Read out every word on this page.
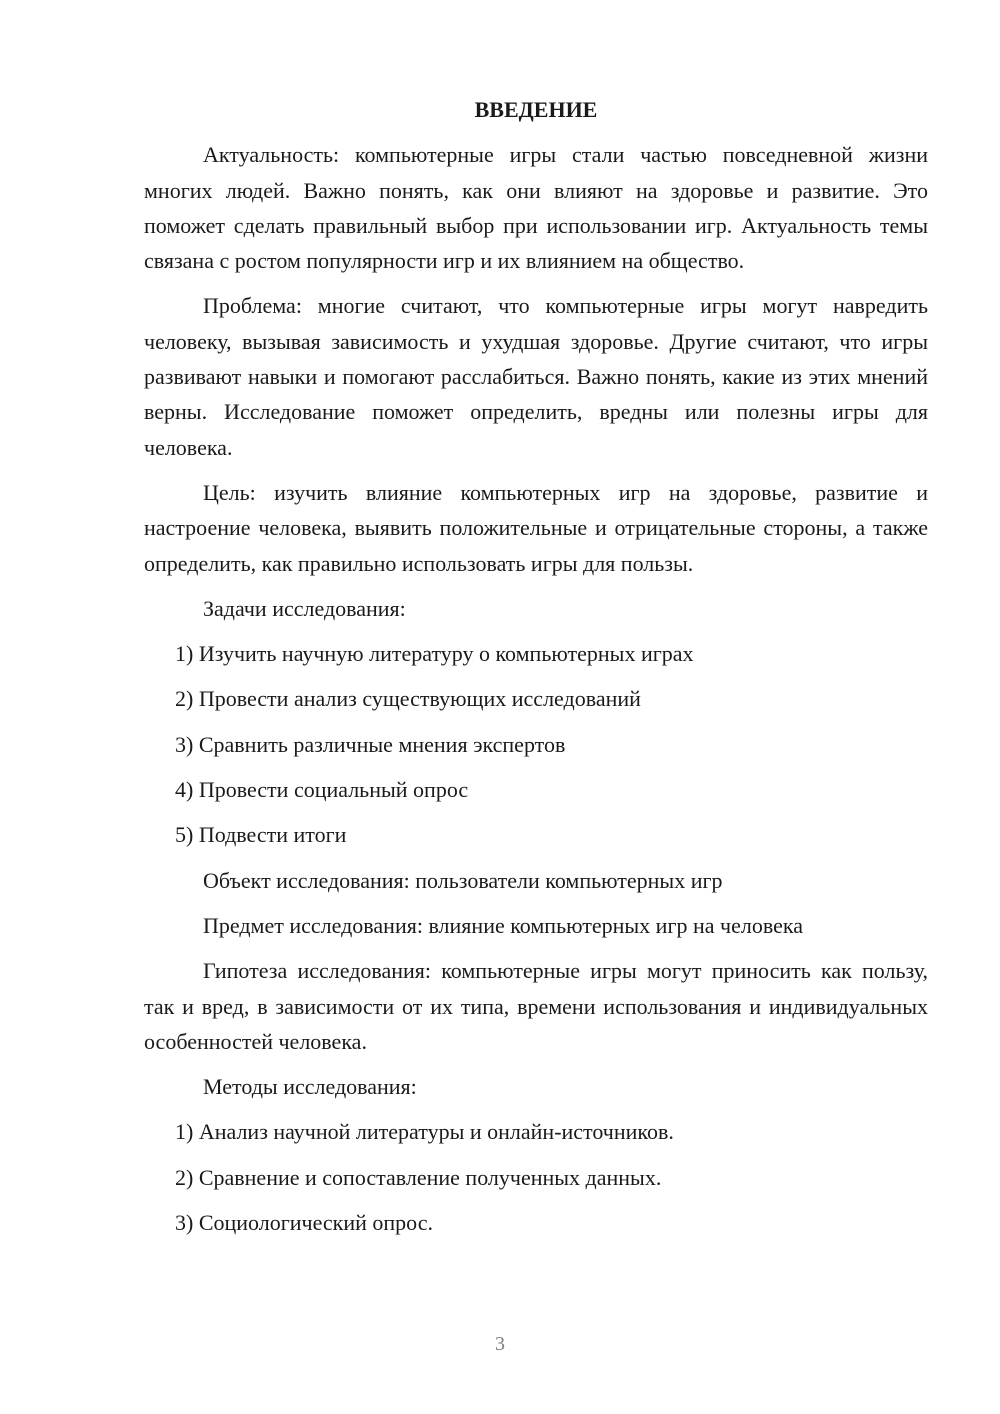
ВВЕДЕНИЕ

Актуальность: компьютерные игры стали частью повседневной жизни многих людей. Важно понять, как они влияют на здоровье и развитие. Это поможет сделать правильный выбор при использовании игр. Актуальность темы связана с ростом популярности игр и их влиянием на общество.

Проблема: многие считают, что компьютерные игры могут навредить человеку, вызывая зависимость и ухудшая здоровье. Другие считают, что игры развивают навыки и помогают расслабиться. Важно понять, какие из этих мнений верны. Исследование поможет определить, вредны или полезны игры для человека.

Цель: изучить влияние компьютерных игр на здоровье, развитие и настроение человека, выявить положительные и отрицательные стороны, а также определить, как правильно использовать игры для пользы.

Задачи исследования:
1) Изучить научную литературу о компьютерных играх
2) Провести анализ существующих исследований
3) Сравнить различные мнения экспертов
4) Провести социальный опрос
5) Подвести итоги
Объект исследования: пользователи компьютерных игр
Предмет исследования: влияние компьютерных игр на человека

Гипотеза исследования: компьютерные игры могут приносить как пользу, так и вред, в зависимости от их типа, времени использования и индивидуальных особенностей человека.

Методы исследования:
1) Анализ научной литературы и онлайн-источников.
2) Сравнение и сопоставление полученных данных.
3) Социологический опрос.
3
